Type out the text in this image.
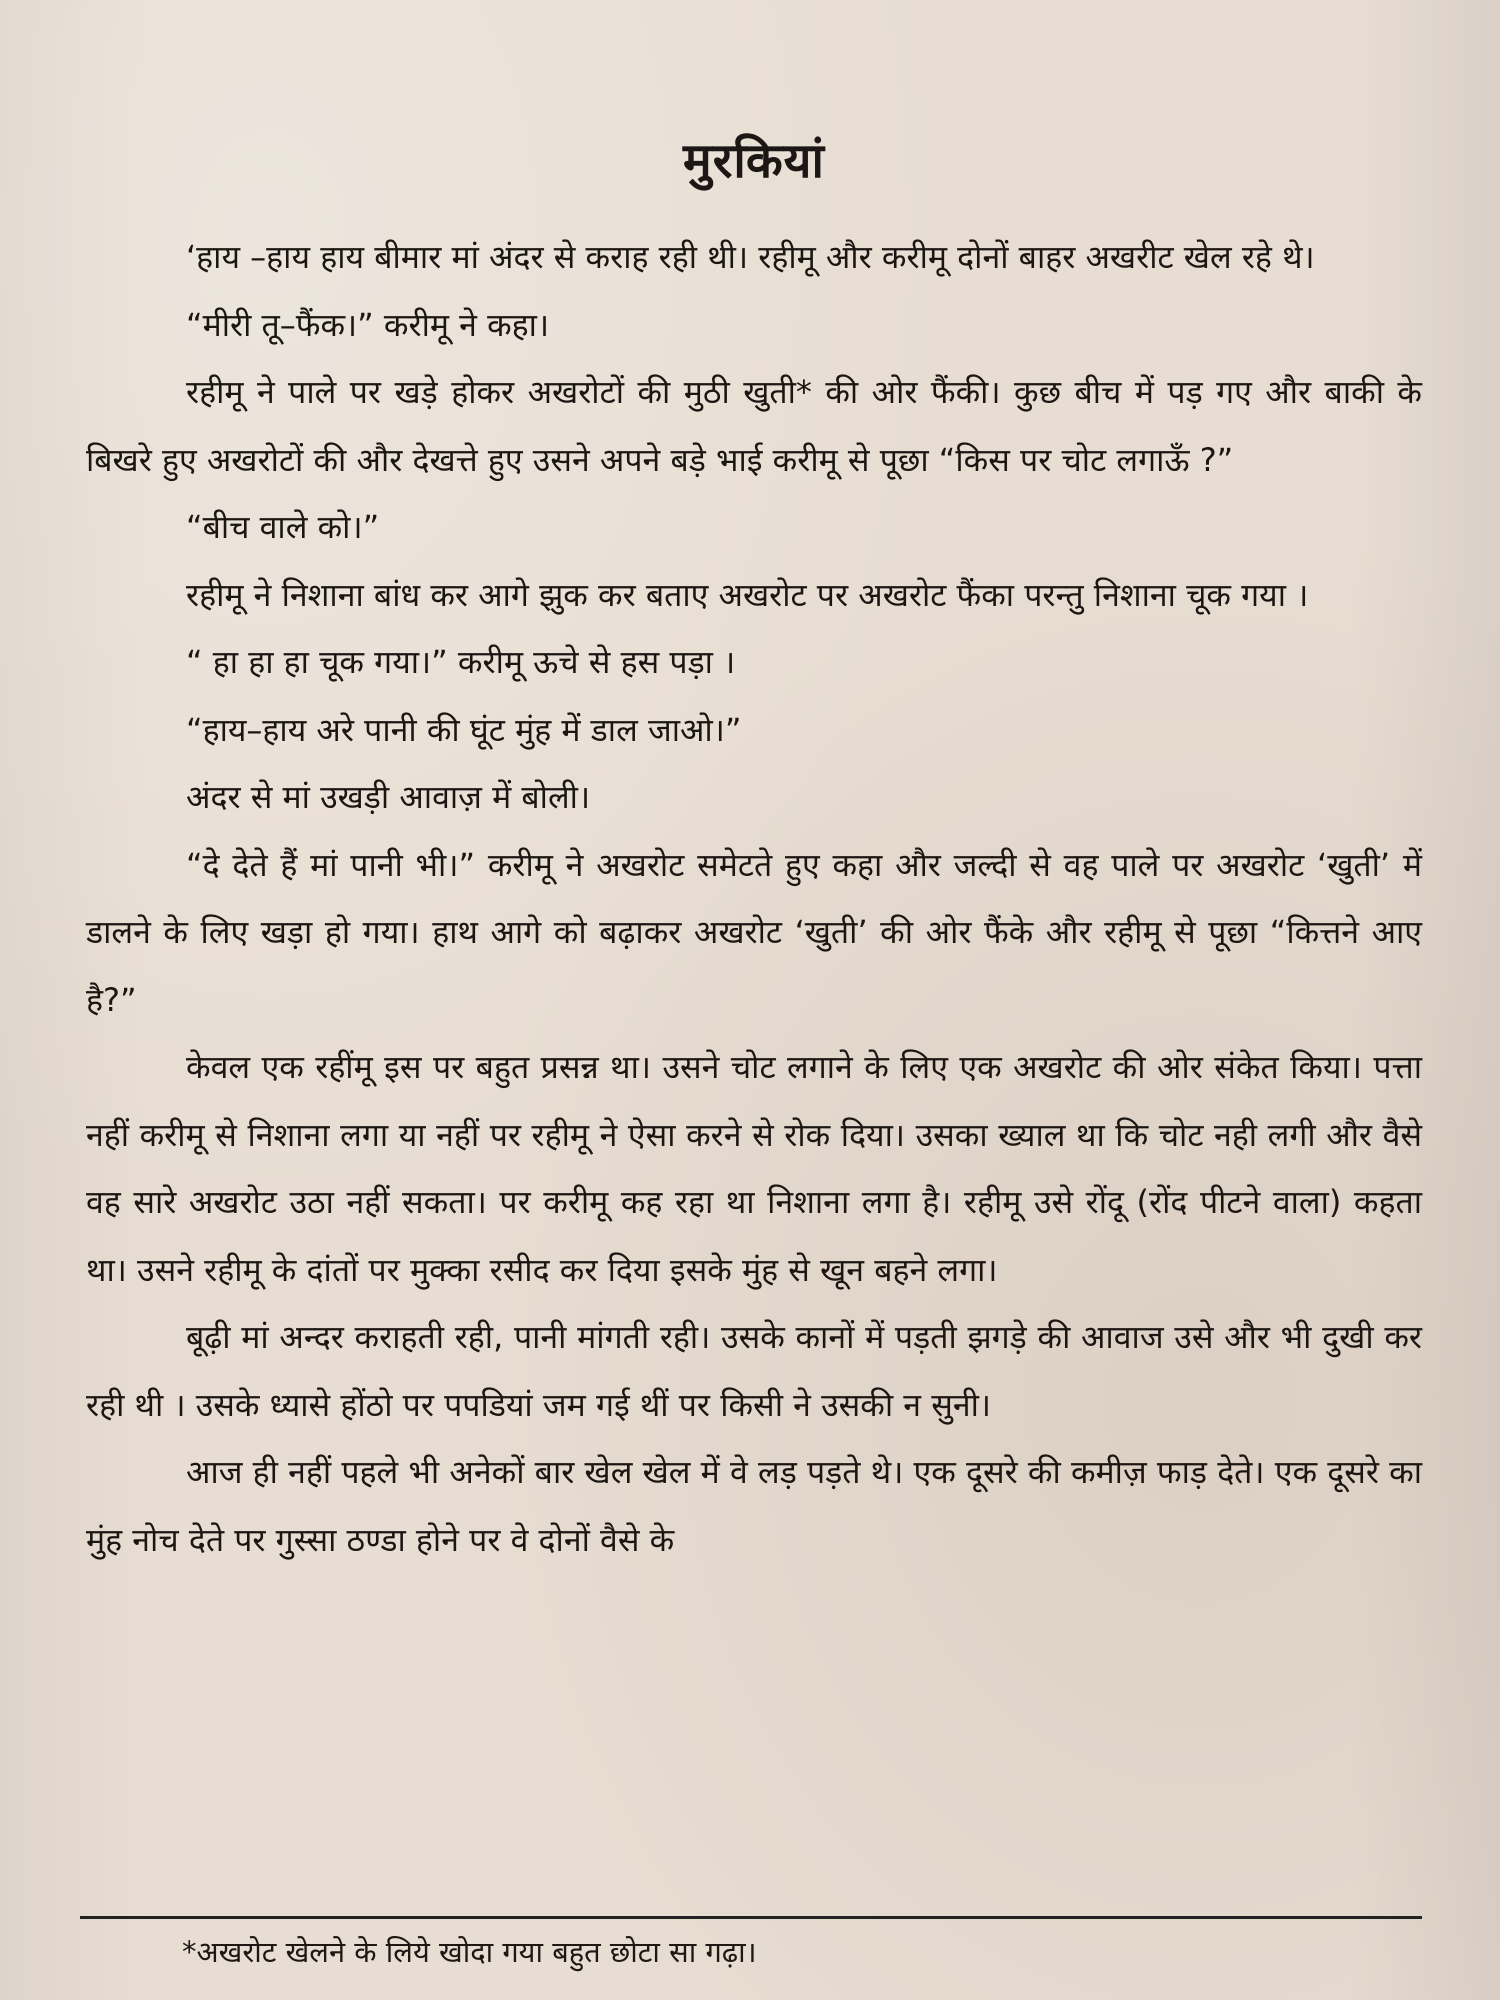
मुरकियां

‘हाय –हाय हाय बीमार मां अंदर से कराह रही थी। रहीमू और करीमू दोनों बाहर अखरीट खेल रहे थे।

“मीरी तू–फैंक।” करीमू ने कहा।

रहीमू ने पाले पर खड़े होकर अखरोटों की मुठी खुती* की ओर फैंकी। कुछ बीच में पड़ गए और बाकी के बिखरे हुए अखरोटों की और देखत्ते हुए उसने अपने बड़े भाई करीमू से पूछा “किस पर चोट लगाऊँ ?”

“बीच वाले को।”

रहीमू ने निशाना बांध कर आगे झुक कर बताए अखरोट पर अखरोट फैंका परन्तु निशाना चूक गया ।

“ हा हा हा चूक गया।” करीमू ऊचे से हस पड़ा ।

“हाय–हाय अरे पानी की घूंट मुंह में डाल जाओ।”

अंदर से मां उखड़ी आवाज़ में बोली।

“दे देते हैं मां पानी भी।” करीमू ने अखरोट समेटते हुए कहा और जल्दी से वह पाले पर अखरोट ‘खुती’ में डालने के लिए खड़ा हो गया। हाथ आगे को बढ़ाकर अखरोट ‘खुती’ की ओर फैंके और रहीमू से पूछा “कित्तने आए है?”

केवल एक रहींमू इस पर बहुत प्रसन्न था। उसने चोट लगाने के लिए एक अखरोट की ओर संकेत किया। पत्ता नहीं करीमू से निशाना लगा या नहीं पर रहीमू ने ऐसा करने से रोक दिया। उसका ख्याल था कि चोट नही लगी और वैसे वह सारे अखरोट उठा नहीं सकता। पर करीमू कह रहा था निशाना लगा है। रहीमू उसे रोंदू (रोंद पीटने वाला) कहता था। उसने रहीमू के दांतों पर मुक्का रसीद कर दिया इसके मुंह से खून बहने लगा।

बूढ़ी मां अन्दर कराहती रही, पानी मांगती रही। उसके कानों में पड़ती झगड़े की आवाज उसे और भी दुखी कर रही थी । उसके ध्यासे होंठो पर पपडियां जम गई थीं पर किसी ने उसकी न सुनी।

आज ही नहीं पहले भी अनेकों बार खेल खेल में वे लड़ पड़ते थे। एक दूसरे की कमीज़ फाड़ देते। एक दूसरे का मुंह नोच देते पर गुस्सा ठण्डा होने पर वे दोनों वैसे के

*अखरोट खेलने के लिये खोदा गया बहुत छोटा सा गढ़ा।
